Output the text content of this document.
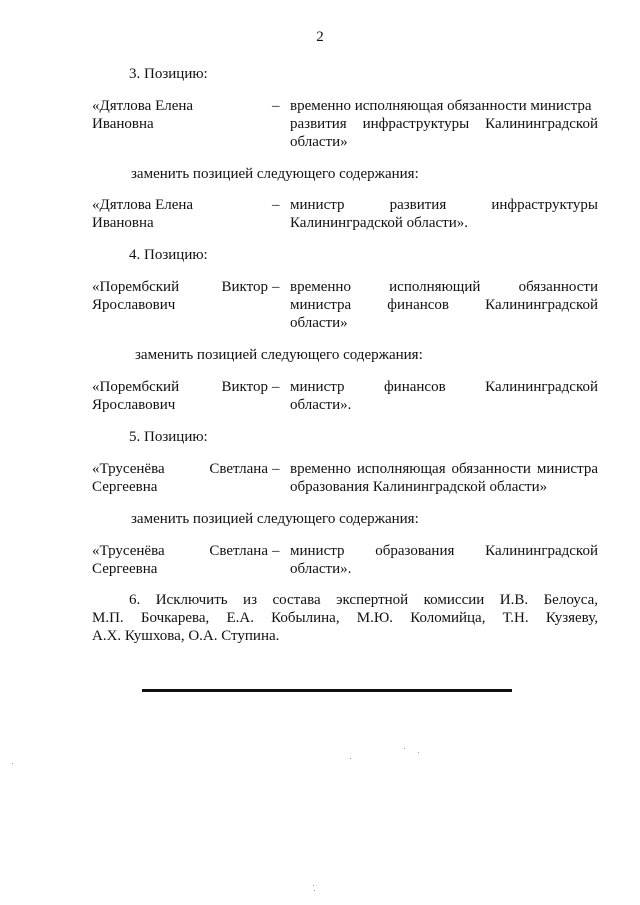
2
3. Позицию:
«Дятлова Елена
Ивановна
– временно исполняющая обязанности министра
развития инфраструктуры Калининградской
области»
заменить позицией следующего содержания:
«Дятлова Елена
Ивановна
– министр развития инфраструктуры
Калининградской области».
4. Позицию:
«Порембский	Виктор
Ярославович
– временно исполняющий обязанности
министра финансов Калининградской
области»
заменить позицией следующего содержания:
«Порембский	Виктор
Ярославович
– министр финансов Калининградской
области».
5. Позицию:
«Трусенёва	Светлана
Сергеевна
– временно исполняющая обязанности министра
образования Калининградской области»
заменить позицией следующего содержания:
«Трусенёва	Светлана
Сергеевна
– министр образования Калининградской
области».
6. Исключить из состава экспертной комиссии И.В. Белоуса,
М.П. Бочкарева, Е.А. Кобылина, М.Ю. Коломийца, Т.Н. Кузяеву,
А.Х. Кушхова, О.А. Ступина.
